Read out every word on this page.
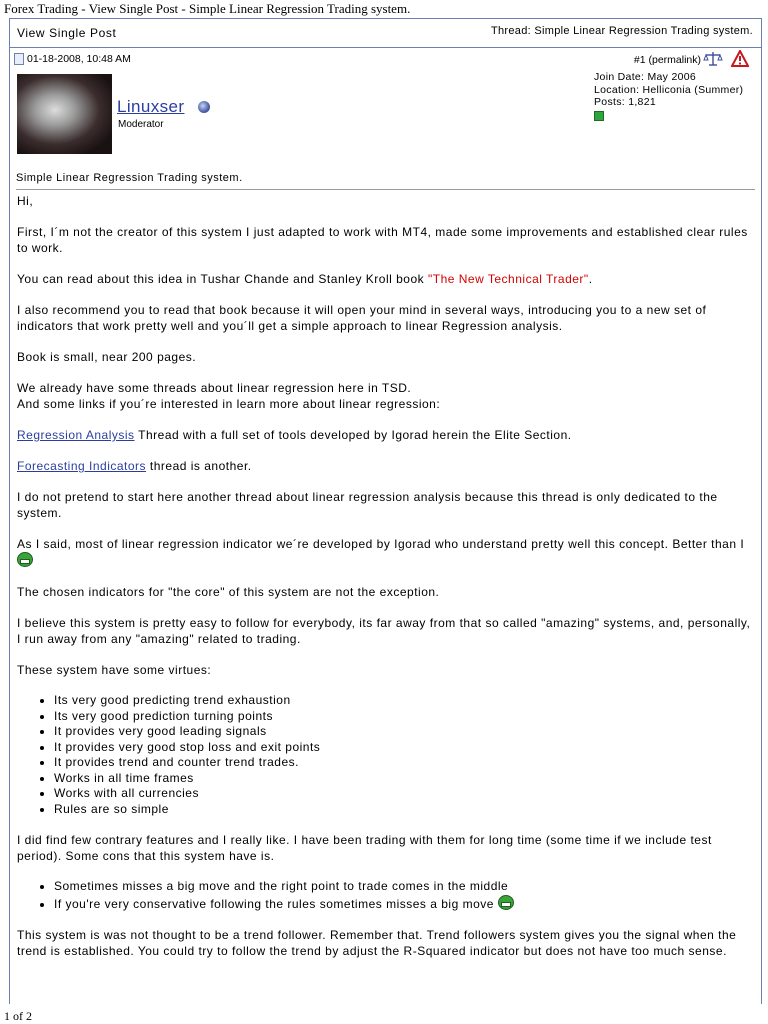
Forex Trading - View Single Post - Simple Linear Regression Trading system.
View Single Post	Thread: Simple Linear Regression Trading system.
01-18-2008, 10:48 AM	#1 (permalink)
Linuxser
Moderator
Join Date: May 2006
Location: Helliconia (Summer)
Posts: 1,821
Simple Linear Regression Trading system.

Hi,

First, I´m not the creator of this system I just adapted to work with MT4, made some improvements and established clear rules to work.

You can read about this idea in Tushar Chande and Stanley Kroll book "The New Technical Trader".

I also recommend you to read that book because it will open your mind in several ways, introducing you to a new set of indicators that work pretty well and you´ll get a simple approach to linear Regression analysis.

Book is small, near 200 pages.

We already have some threads about linear regression here in TSD.
And some links if you´re interested in learn more about linear regression:

Regression Analysis Thread with a full set of tools developed by Igorad herein the Elite Section.

Forecasting Indicators thread is another.

I do not pretend to start here another thread about linear regression analysis because this thread is only dedicated to the system.

As I said, most of linear regression indicator we´re developed by Igorad who understand pretty well this concept. Better than I

The chosen indicators for "the core" of this system are not the exception.

I believe this system is pretty easy to follow for everybody, its far away from that so called "amazing" systems, and, personally, I run away from any "amazing" related to trading.

These system have some virtues:

• Its very good predicting trend exhaustion
• Its very good prediction turning points
• It provides very good leading signals
• It provides very good stop loss and exit points
• It provides trend and counter trend trades.
• Works in all time frames
• Works with all currencies
• Rules are so simple

I did find few contrary features and I really like. I have been trading with them for long time (some time if we include test period). Some cons that this system have is.

• Sometimes misses a big move and the right point to trade comes in the middle
• If you're very conservative following the rules sometimes misses a big move

This system is was not thought to be a trend follower. Remember that. Trend followers system gives you the signal when the trend is established. You could try to follow the trend by adjust the R-Squared indicator but does not have too much sense.

1 of 2
